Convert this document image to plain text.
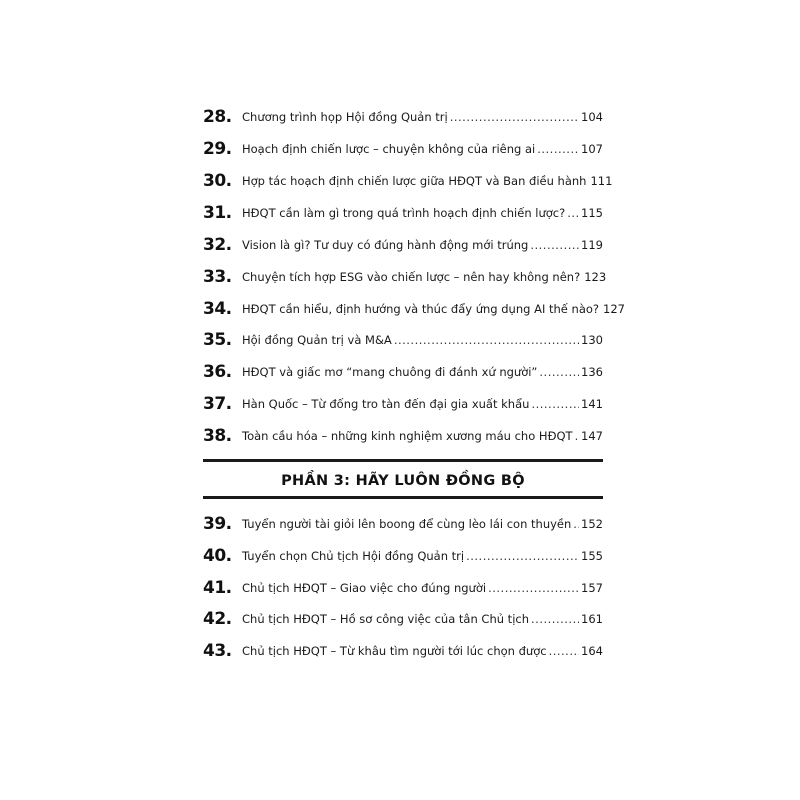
28. Chương trình họp Hội đồng Quản trị .....	104
29. Hoạch định chiến lược – chuyện không của riêng ai .....	107
30. Hợp tác hoạch định chiến lược giữa HĐQT và Ban điều hành 111
31. HĐQT cần làm gì trong quá trình hoạch định chiến lược? ..... 115
32. Vision là gì? Tư duy có đúng hành động mới trúng .....	119
33. Chuyện tích hợp ESG vào chiến lược – nên hay không nên? 123
34. HĐQT cần hiểu, định hướng và thúc đẩy ứng dụng AI thế nào? 127
35. Hội đồng Quản trị và M&A .....	130
36. HĐQT và giấc mơ “mang chuông đi đánh xứ người” .....	136
37. Hàn Quốc – Từ đống tro tàn đến đại gia xuất khẩu .....	141
38. Toàn cầu hóa – những kinh nghiệm xương máu cho HĐQT ..... 147
39. Tuyển người tài giỏi lên boong để cùng lèo lái con thuyền ..... 152
40. Tuyển chọn Chủ tịch Hội đồng Quản trị .....	155
41. Chủ tịch HĐQT – Giao việc cho đúng người .....	157
42. Chủ tịch HĐQT – Hồ sơ công việc của tân Chủ tịch .....	161
43. Chủ tịch HĐQT – Từ khâu tìm người tới lúc chọn được .....	164
PHẦN 3: HÃY LUÔN ĐỒNG BỘ
